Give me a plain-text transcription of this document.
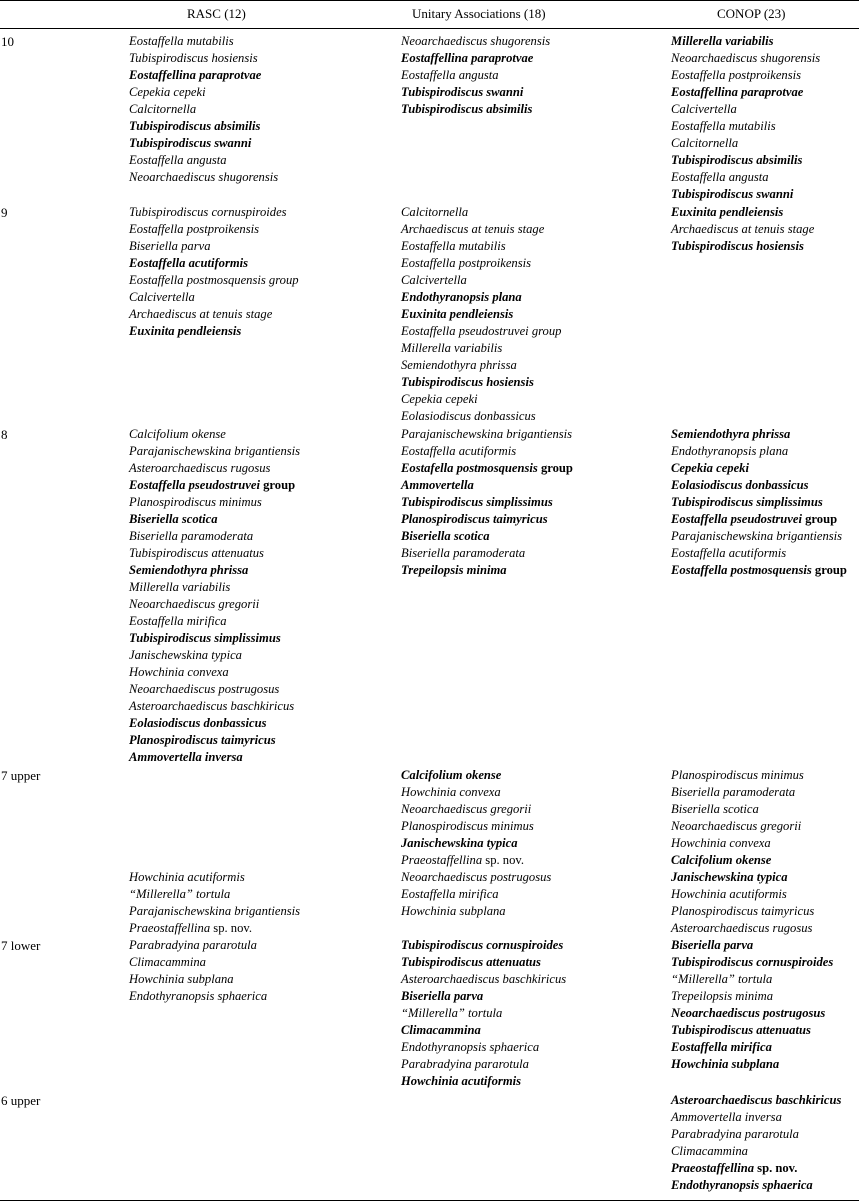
RASC (12)	Unitary Associations (18)	CONOP (23)
10
9
8
7 upper
7 lower
6 upper
Eostaffella mutabilis
Tubispirodiscus hosiensis
Eostaffellina paraprotvae
Cepekia cepeki
Calcitornella
Tubispirodiscus absimilis
Tubispirodiscus swanni
Eostaffella angusta
Neoarchaediscus shugorensis
Neoarchaediscus shugorensis
Eostaffellina paraprotvae
Eostaffella angusta
Tubispirodiscus swanni
Tubispirodiscus absimilis
Millerella variabilis
Neoarchaediscus shugorensis
Eostaffella postproikensis
Eostaffellina paraprotvae
Calcivertella
Eostaffella mutabilis
Calcitornella
Tubispirodiscus absimilis
Eostaffella angusta
Tubispirodiscus swanni
Tubispirodiscus cornuspiroides
Eostaffella postproikensis
Biseriella parva
Eostaffella acutiformis
Eostaffella postmosquensis group
Calcivertella
Archaediscus at tenuis stage
Euxinita pendleiensis
Calcitornella
Archaediscus at tenuis stage
Eostaffella mutabilis
Eostaffella postproikensis
Calcivertella
Endothyranopsis plana
Euxinita pendleiensis
Eostaffella pseudostruvei group
Millerella variabilis
Semiendothyra phrissa
Tubispirodiscus hosiensis
Cepekia cepeki
Eolasiodiscus donbassicus
Euxinita pendleiensis
Archaediscus at tenuis stage
Tubispirodiscus hosiensis
Calcifolium okense
Parajanischewskina brigantiensis
Asteroarchaediscus rugosus
Eostaffella pseudostruvei group
Planospirodiscus minimus
Biseriella scotica
Biseriella paramoderata
Tubispirodiscus attenuatus
Semiendothyra phrissa
Millerella variabilis
Neoarchaediscus gregorii
Eostaffella mirifica
Tubispirodiscus simplissimus
Janischewskina typica
Howchinia convexa
Neoarchaediscus postrugosus
Asteroarchaediscus baschkiricus
Eolasiodiscus donbassicus
Planospirodiscus taimyricus
Ammovertella inversa
Parajanischewskina brigantiensis
Eostaffella acutiformis
Eostafella postmosquensis group
Ammovertella
Tubispirodiscus simplissimus
Planospirodiscus taimyricus
Biseriella scotica
Biseriella paramoderata
Trepeilopsis minima
Semiendothyra phrissa
Endothyranopsis plana
Cepekia cepeki
Eolasiodiscus donbassicus
Tubispirodiscus simplissimus
Eostaffella pseudostruvei group
Parajanischewskina brigantiensis
Eostaffella acutiformis
Eostaffella postmosquensis group
Howchinia acutiformis
“Millerella” tortula
Parajanischewskina brigantiensis
Praeostaffellina sp. nov.
Calcifolium okense
Howchinia convexa
Neoarchaediscus gregorii
Planospirodiscus minimus
Janischewskina typica
Praeostaffellina sp. nov.
Neoarchaediscus postrugosus
Eostaffella mirifica
Howchinia subplana
Planospirodiscus minimus
Biseriella paramoderata
Biseriella scotica
Neoarchaediscus gregorii
Howchinia convexa
Calcifolium okense
Janischewskina typica
Howchinia acutiformis
Planospirodiscus taimyricus
Asteroarchaediscus rugosus
Parabradyina pararotula
Climacammina
Howchinia subplana
Endothyranopsis sphaerica
Tubispirodiscus cornuspiroides
Tubispirodiscus attenuatus
Asteroarchaediscus baschkiricus
Biseriella parva
“Millerella” tortula
Climacammina
Endothyranopsis sphaerica
Parabradyina pararotula
Howchinia acutiformis
Biseriella parva
Tubispirodiscus cornuspiroides
“Millerella” tortula
Trepeilopsis minima
Neoarchaediscus postrugosus
Tubispirodiscus attenuatus
Eostaffella mirifica
Howchinia subplana
Asteroarchaediscus baschkiricus
Ammovertella inversa
Parabradyina pararotula
Climacammina
Praeostaffellina sp. nov.
Endothyranopsis sphaerica
